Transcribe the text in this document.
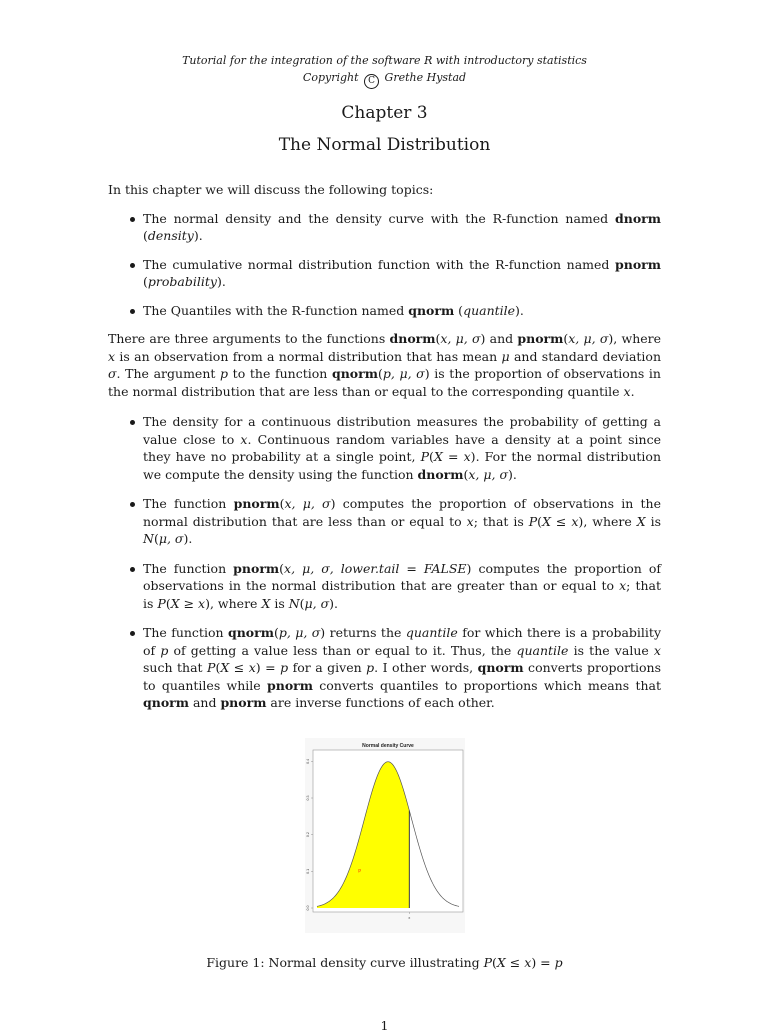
Tutorial for the integration of the software R with introductory statistics
Copyright C Grethe Hystad
Chapter 3
The Normal Distribution
In this chapter we will discuss the following topics:
The normal density and the density curve with the R-function named dnorm (density).
The cumulative normal distribution function with the R-function named pnorm (probability).
The Quantiles with the R-function named qnorm (quantile).
There are three arguments to the functions dnorm(x, μ, σ) and pnorm(x, μ, σ), where x is an observation from a normal distribution that has mean μ and standard deviation σ. The argument p to the function qnorm(p, μ, σ) is the proportion of observations in the normal distribution that are less than or equal to the corresponding quantile x.
The density for a continuous distribution measures the probability of getting a value close to x. Continuous random variables have a density at a point since they have no probability at a single point, P(X = x). For the normal distribution we compute the density using the function dnorm(x, μ, σ).
The function pnorm(x, μ, σ) computes the proportion of observations in the normal distribution that are less than or equal to x; that is P(X ≤ x), where X is N(μ, σ).
The function pnorm(x, μ, σ, lower.tail = FALSE) computes the proportion of observations in the normal distribution that are greater than or equal to x; that is P(X ≥ x), where X is N(μ, σ).
The function qnorm(p, μ, σ) returns the quantile for which there is a probability of p of getting a value less than or equal to it. Thus, the quantile is the value x such that P(X ≤ x) = p for a given p. I other words, qnorm converts proportions to quantiles while pnorm converts quantiles to proportions which means that qnorm and pnorm are inverse functions of each other.
Normal density Curve
0.0
0.1
0.2
0.3
0.4
p
x
Figure 1: Normal density curve illustrating P(X ≤ x) = p
1
